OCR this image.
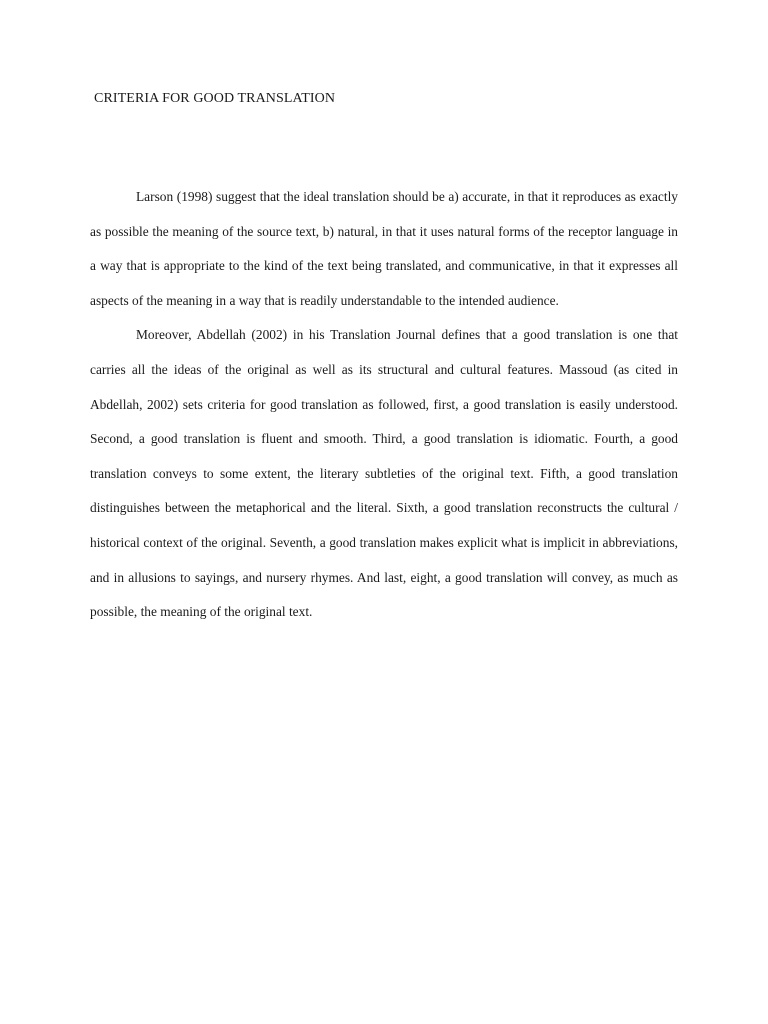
CRITERIA FOR GOOD TRANSLATION

Larson (1998) suggest that the ideal translation should be a) accurate, in that it reproduces as exactly as possible the meaning of the source text, b) natural, in that it uses natural forms of the receptor language in a way that is appropriate to the kind of the text being translated, and communicative, in that it expresses all aspects of the meaning in a way that is readily understandable to the intended audience.

Moreover, Abdellah (2002) in his Translation Journal defines that a good translation is one that carries all the ideas of the original as well as its structural and cultural features. Massoud (as cited in Abdellah, 2002) sets criteria for good translation as followed, first, a good translation is easily understood. Second, a good translation is fluent and smooth. Third, a good translation is idiomatic. Fourth, a good translation conveys to some extent, the literary subtleties of the original text. Fifth, a good translation distinguishes between the metaphorical and the literal. Sixth, a good translation reconstructs the cultural / historical context of the original. Seventh, a good translation makes explicit what is implicit in abbreviations, and in allusions to sayings, and nursery rhymes. And last, eight, a good translation will convey, as much as possible, the meaning of the original text.
